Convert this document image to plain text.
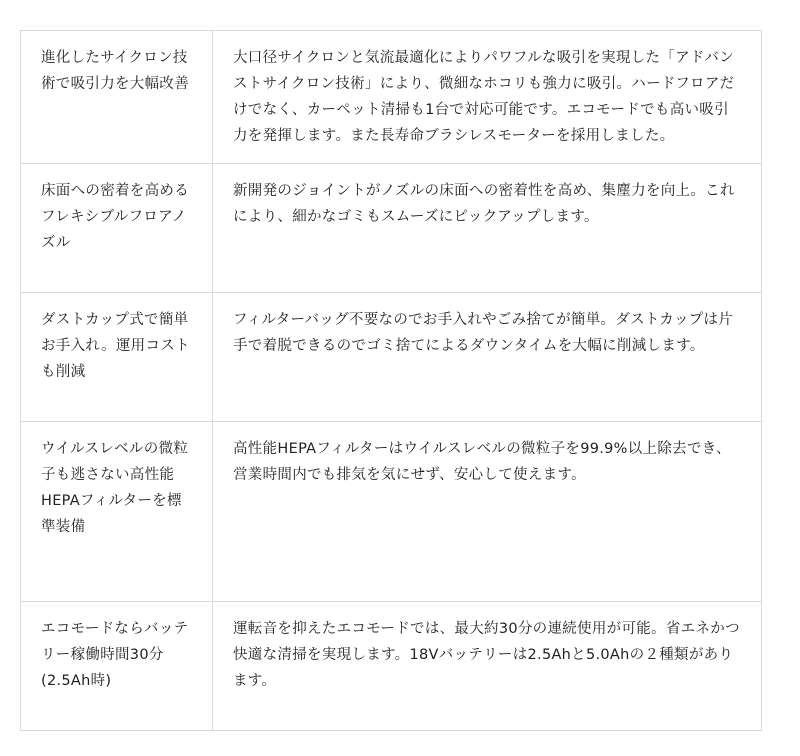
進化したサイクロン技術で吸引力を大幅改善	大口径サイクロンと気流最適化によりパワフルな吸引を実現した「アドバンストサイクロン技術」により、微細なホコリも強力に吸引。ハードフロアだけでなく、カーペット清掃も1台で対応可能です。エコモードでも高い吸引力を発揮します。また長寿命ブラシレスモーターを採用しました。
床面への密着を高めるフレキシブルフロアノズル	新開発のジョイントがノズルの床面への密着性を高め、集塵力を向上。これにより、細かなゴミもスムーズにピックアップします。
ダストカップ式で簡単お手入れ。運用コストも削減	フィルターバッグ不要なのでお手入れやごみ捨てが簡単。ダストカップは片手で着脱できるのでゴミ捨てによるダウンタイムを大幅に削減します。
ウイルスレベルの微粒子も逃さない高性能HEPAフィルターを標準装備	高性能HEPAフィルターはウイルスレベルの微粒子を99.9%以上除去でき、営業時間内でも排気を気にせず、安心して使えます。
エコモードならバッテリー稼働時間30分(2.5Ah時)	運転音を抑えたエコモードでは、最大約30分の連続使用が可能。省エネかつ快適な清掃を実現します。18Vバッテリーは2.5Ahと5.0Ahの２種類があります。
